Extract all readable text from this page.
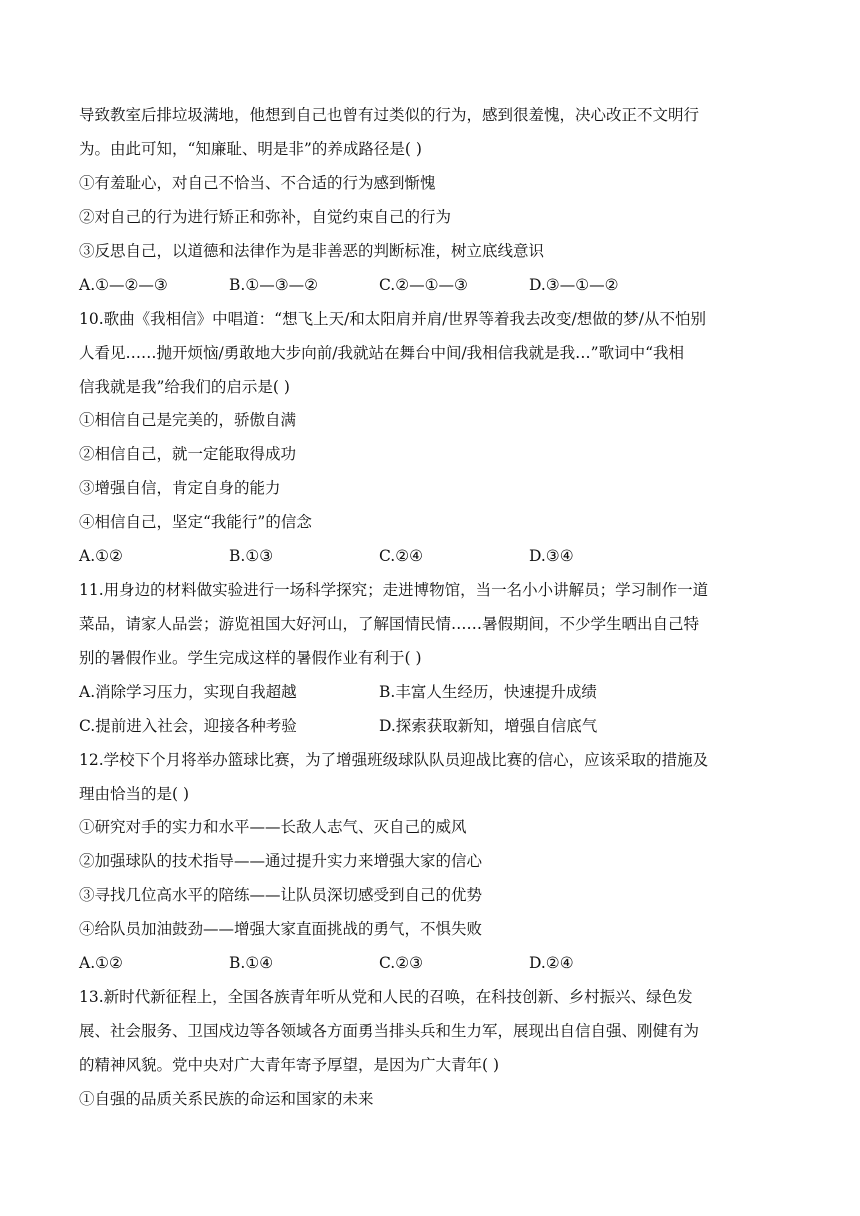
导致教室后排垃圾满地，他想到自己也曾有过类似的行为，感到很羞愧，决心改正不文明行
为。由此可知，“知廉耻、明是非”的养成路径是( )
①有羞耻心，对自己不恰当、不合适的行为感到惭愧
②对自己的行为进行矫正和弥补，自觉约束自己的行为
③反思自己，以道德和法律作为是非善恶的判断标准，树立底线意识
A.①—②—③	B.①—③—②	C.②—①—③	D.③—①—②
10.歌曲《我相信》中唱道：“想飞上天/和太阳肩并肩/世界等着我去改变/想做的梦/从不怕别
人看见……抛开烦恼/勇敢地大步向前/我就站在舞台中间/我相信我就是我…”歌词中“我相
信我就是我”给我们的启示是( )
①相信自己是完美的，骄傲自满
②相信自己，就一定能取得成功
③增强自信，肯定自身的能力
④相信自己，坚定“我能行”的信念
A.①②	B.①③	C.②④	D.③④
11.用身边的材料做实验进行一场科学探究；走进博物馆，当一名小小讲解员；学习制作一道
菜品，请家人品尝；游览祖国大好河山，了解国情民情……暑假期间，不少学生晒出自己特
别的暑假作业。学生完成这样的暑假作业有利于( )
A.消除学习压力，实现自我超越	B.丰富人生经历，快速提升成绩
C.提前进入社会，迎接各种考验	D.探索获取新知，增强自信底气
12.学校下个月将举办篮球比赛，为了增强班级球队队员迎战比赛的信心，应该采取的措施及
理由恰当的是( )
①研究对手的实力和水平——长敌人志气、灭自己的威风
②加强球队的技术指导——通过提升实力来增强大家的信心
③寻找几位高水平的陪练——让队员深切感受到自己的优势
④给队员加油鼓劲——增强大家直面挑战的勇气，不惧失败
A.①②	B.①④	C.②③	D.②④
13.新时代新征程上，全国各族青年听从党和人民的召唤，在科技创新、乡村振兴、绿色发
展、社会服务、卫国戍边等各领域各方面勇当排头兵和生力军，展现出自信自强、刚健有为
的精神风貌。党中央对广大青年寄予厚望，是因为广大青年( )
①自强的品质关系民族的命运和国家的未来
